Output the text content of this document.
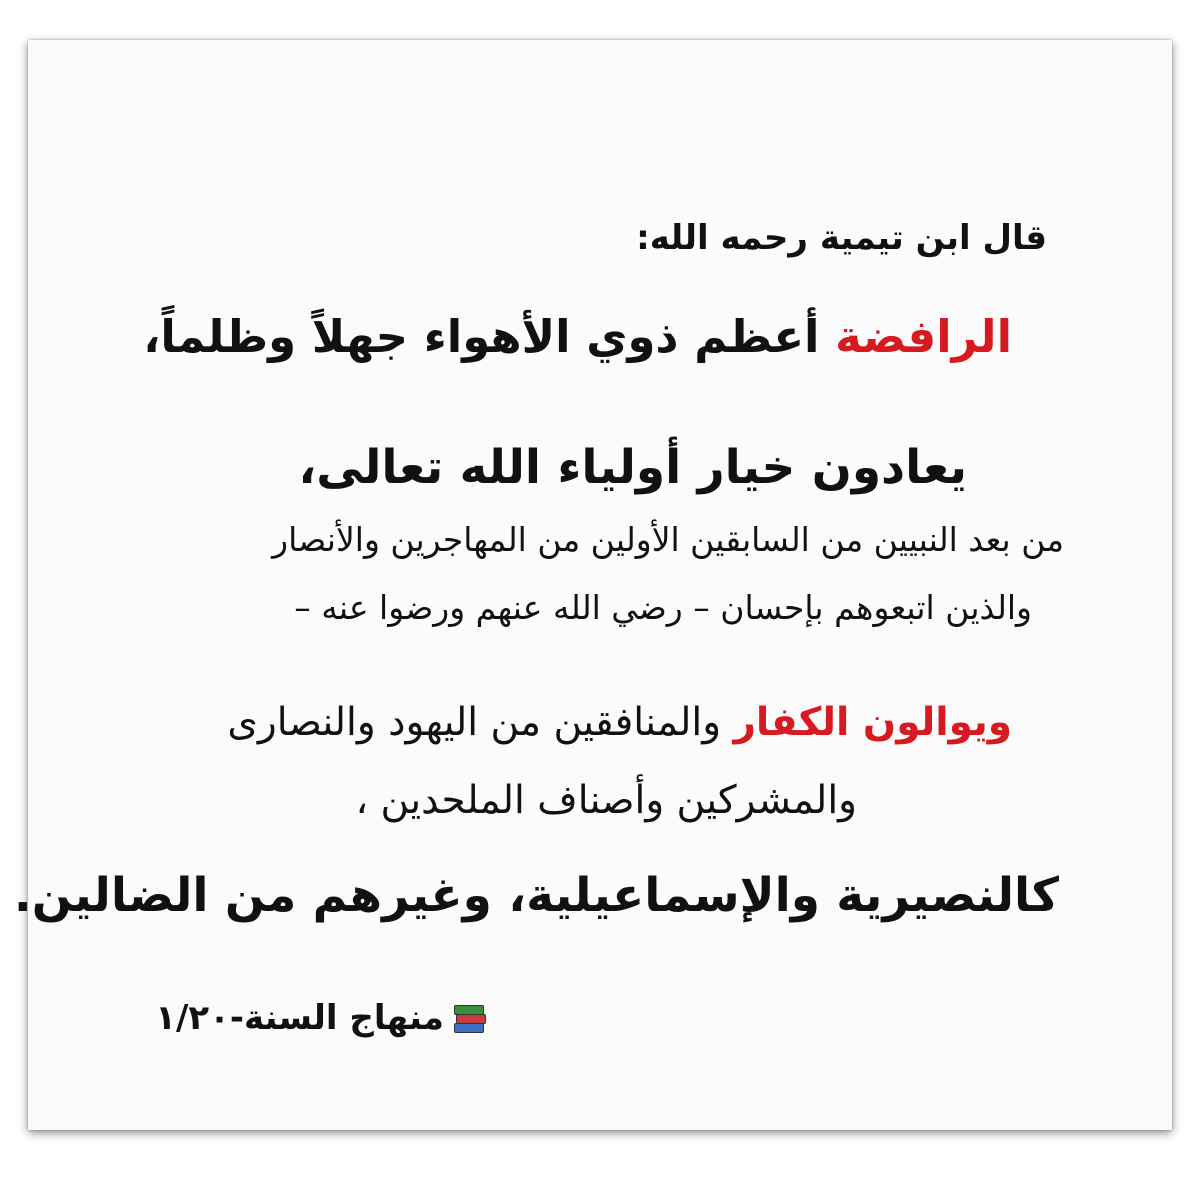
قال ابن تيمية رحمه الله:
الرافضة أعظم ذوي الأهواء جهلاً وظلماً،
يعادون خيار أولياء الله تعالى،
من بعد النبيين من السابقين الأولين من المهاجرين والأنصار
والذين اتبعوهم بإحسان – رضي الله عنهم ورضوا عنه –
ويوالون الكفار والمنافقين من اليهود والنصارى
والمشركين وأصناف الملحدين ،
كالنصيرية والإسماعيلية، وغيرهم من الضالين.
منهاج السنة-١/٢٠
